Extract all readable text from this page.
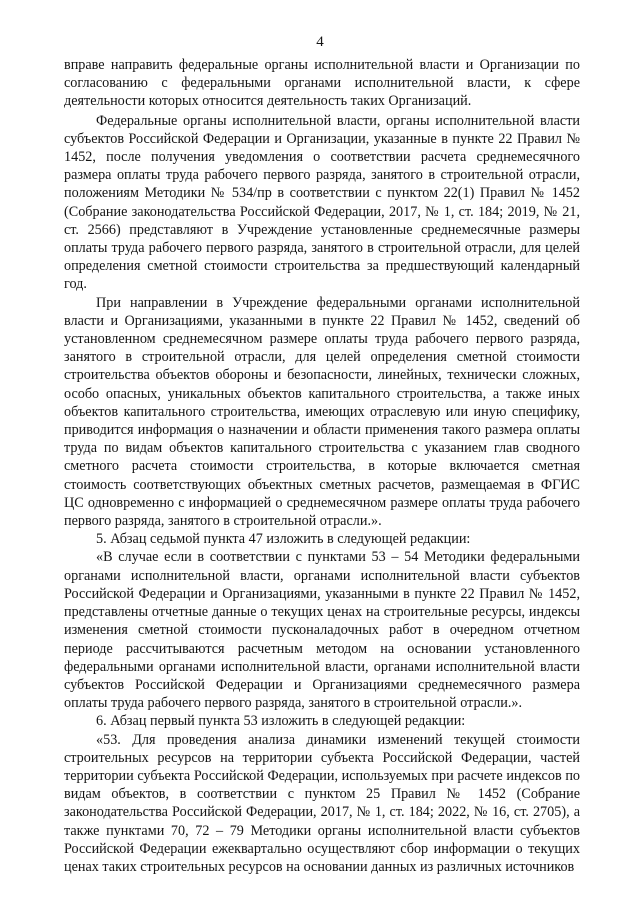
4

вправе направить федеральные органы исполнительной власти и Организации по согласованию с федеральными органами исполнительной власти, к сфере деятельности которых относится деятельность таких Организаций.

Федеральные органы исполнительной власти, органы исполнительной власти субъектов Российской Федерации и Организации, указанные в пункте 22 Правил № 1452, после получения уведомления о соответствии расчета среднемесячного размера оплаты труда рабочего первого разряда, занятого в строительной отрасли, положениям Методики № 534/пр в соответствии с пунктом 22(1) Правил № 1452 (Собрание законодательства Российской Федерации, 2017, № 1, ст. 184; 2019, № 21, ст. 2566) представляют в Учреждение установленные среднемесячные размеры оплаты труда рабочего первого разряда, занятого в строительной отрасли, для целей определения сметной стоимости строительства за предшествующий календарный год.

При направлении в Учреждение федеральными органами исполнительной власти и Организациями, указанными в пункте 22 Правил № 1452, сведений об установленном среднемесячном размере оплаты труда рабочего первого разряда, занятого в строительной отрасли, для целей определения сметной стоимости строительства объектов обороны и безопасности, линейных, технически сложных, особо опасных, уникальных объектов капитального строительства, а также иных объектов капитального строительства, имеющих отраслевую или иную специфику, приводится информация о назначении и области применения такого размера оплаты труда по видам объектов капитального строительства с указанием глав сводного сметного расчета стоимости строительства, в которые включается сметная стоимость соответствующих объектных сметных расчетов, размещаемая в ФГИС ЦС одновременно с информацией о среднемесячном размере оплаты труда рабочего первого разряда, занятого в строительной отрасли.».

5. Абзац седьмой пункта 47 изложить в следующей редакции:

«В случае если в соответствии с пунктами 53 – 54 Методики федеральными органами исполнительной власти, органами исполнительной власти субъектов Российской Федерации и Организациями, указанными в пункте 22 Правил № 1452, представлены отчетные данные о текущих ценах на строительные ресурсы, индексы изменения сметной стоимости пусконаладочных работ в очередном отчетном периоде рассчитываются расчетным методом на основании установленного федеральными органами исполнительной власти, органами исполнительной власти субъектов Российской Федерации и Организациями среднемесячного размера оплаты труда рабочего первого разряда, занятого в строительной отрасли.».

6. Абзац первый пункта 53 изложить в следующей редакции:

«53. Для проведения анализа динамики изменений текущей стоимости строительных ресурсов на территории субъекта Российской Федерации, частей территории субъекта Российской Федерации, используемых при расчете индексов по видам объектов, в соответствии с пунктом 25 Правил № 1452 (Собрание законодательства Российской Федерации, 2017, № 1, ст. 184; 2022, № 16, ст. 2705), а также пунктами 70, 72 – 79 Методики органы исполнительной власти субъектов Российской Федерации ежеквартально осуществляют сбор информации о текущих ценах таких строительных ресурсов на основании данных из различных источников
